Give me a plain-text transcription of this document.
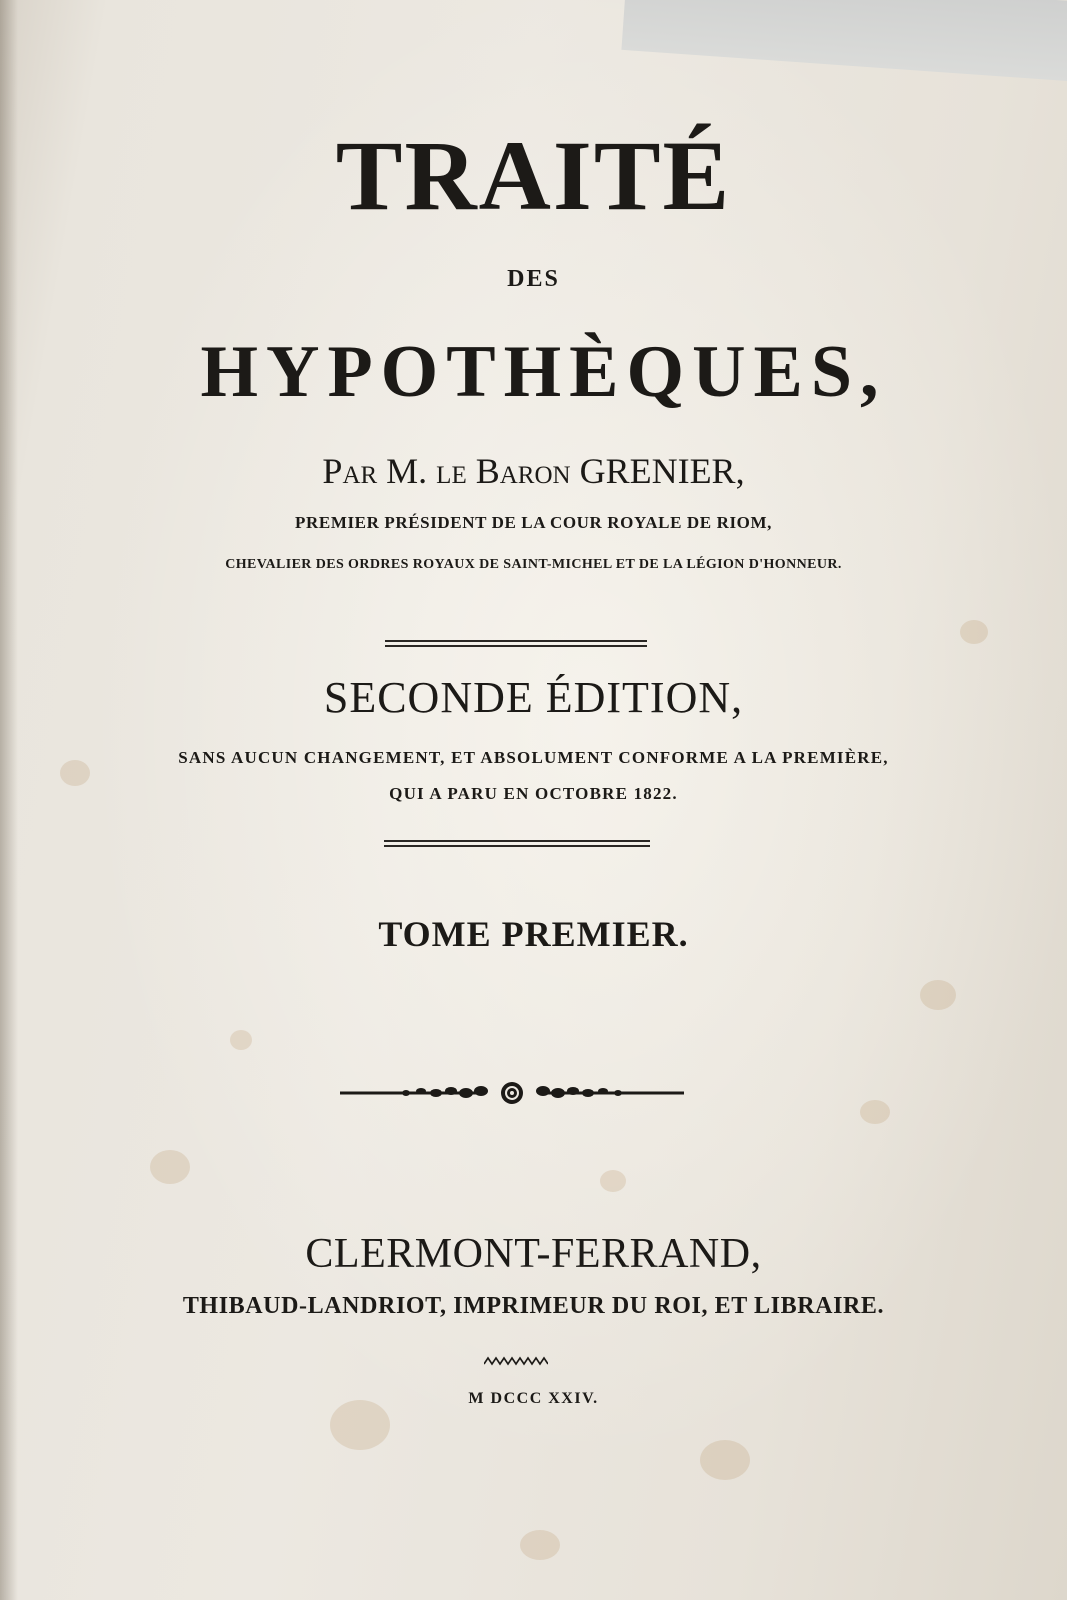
TRAITÉ
DES
HYPOTHÈQUES,
Par M. le Baron GRENIER,
PREMIER PRÉSIDENT DE LA COUR ROYALE DE RIOM,
CHEVALIER DES ORDRES ROYAUX DE SAINT-MICHEL ET DE LA LÉGION D'HONNEUR.
SECONDE ÉDITION,
SANS AUCUN CHANGEMENT, ET ABSOLUMENT CONFORME A LA PREMIÈRE,
QUI A PARU EN OCTOBRE 1822.
TOME PREMIER.
CLERMONT-FERRAND,
THIBAUD-LANDRIOT, IMPRIMEUR DU ROI, ET LIBRAIRE.
M DCCC XXIV.
